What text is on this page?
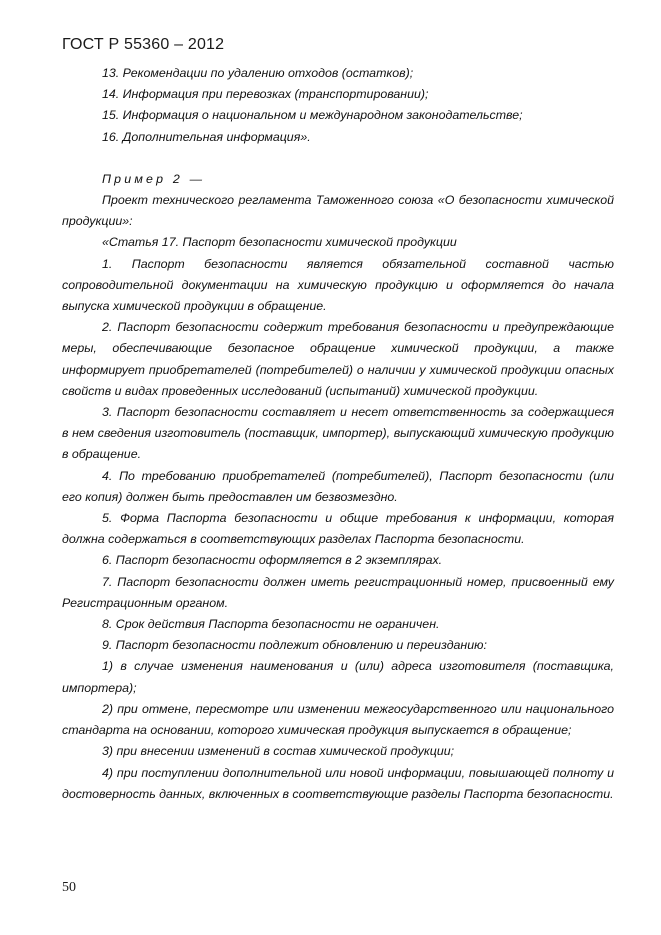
ГОСТ Р 55360 – 2012

13. Рекомендации по удалению отходов (остатков);

14. Информация при перевозках (транспортировании);

15. Информация о национальном и международном законодательстве;

16. Дополнительная информация».

Пример 2 —

Проект технического регламента Таможенного союза «О безопасности химической продукции»:

«Статья 17. Паспорт безопасности химической продукции

1. Паспорт безопасности является обязательной составной частью сопроводительной документации на химическую продукцию и оформляется до начала выпуска химической продукции в обращение.

2. Паспорт безопасности содержит требования безопасности и предупреждающие меры, обеспечивающие безопасное обращение химической продукции, а также информирует приобретателей (потребителей) о наличии у химической продукции опасных свойств и видах проведенных исследований (испытаний) химической продукции.

3. Паспорт безопасности составляет и несет ответственность за содержащиеся в нем сведения изготовитель (поставщик, импортер), выпускающий химическую продукцию в обращение.

4. По требованию приобретателей (потребителей), Паспорт безопасности (или его копия) должен быть предоставлен им безвозмездно.

5. Форма Паспорта безопасности и общие требования к информации, которая должна содержаться в соответствующих разделах Паспорта безопасности.

6. Паспорт безопасности оформляется в 2 экземплярах.

7. Паспорт безопасности должен иметь регистрационный номер, присвоенный ему Регистрационным органом.

8. Срок действия Паспорта безопасности не ограничен.

9. Паспорт безопасности подлежит обновлению и переизданию:

1) в случае изменения наименования и (или) адреса изготовителя (поставщика, импортера);

2) при отмене, пересмотре или изменении межгосударственного или национального стандарта на основании, которого химическая продукция выпускается в обращение;

3) при внесении изменений в состав химической продукции;

4) при поступлении дополнительной или новой информации, повышающей полноту и достоверность данных, включенных в соответствующие разделы Паспорта безопасности.

50
